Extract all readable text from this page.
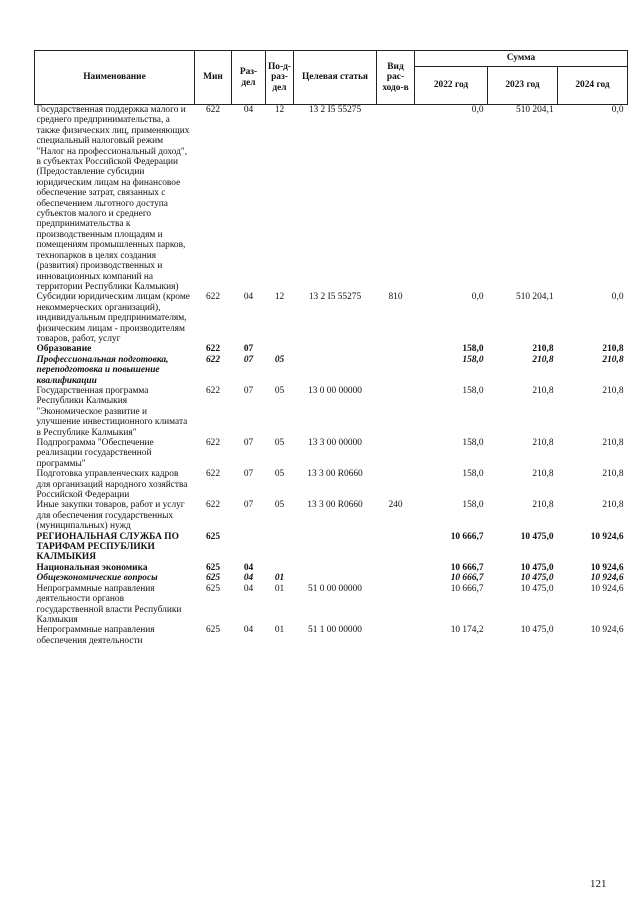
Наименование	Мин	Раз-дел	По-д-раз-дел	Целевая статья	Вид рас-ходо-в	Сумма		
						2022 год	2023 год	2024 год
Государственная поддержка малого и среднего предпринимательства, а также физических лиц, применяющих специальный налоговый режим "Налог на профессиональный доход", в субъектах Российской Федерации (Предоставление субсидии юридическим лицам на финансовое обеспечение затрат, связанных с обеспечением льготного доступа субъектов малого и среднего предпринимательства к производственным площадям и помещениям промышленных парков, технопарков в целях создания (развития) производственных и инновационных компаний на территории Республики Калмыкия)	622	04	12	13 2 I5 55275		0,0	510 204,1	0,0
Субсидии юридическим лицам (кроме некоммерческих организаций), индивидуальным предпринимателям, физическим лицам - производителям товаров, работ, услуг	622	04	12	13 2 I5 55275	810	0,0	510 204,1	0,0
Образование	622	07				158,0	210,8	210,8
Профессиональная подготовка, переподготовка и повышение квалификации	622	07	05			158,0	210,8	210,8
Государственная программа Республики Калмыкия "Экономическое развитие и улучшение инвестиционного климата в Республике Калмыкия"	622	07	05	13 0 00 00000		158,0	210,8	210,8
Подпрограмма "Обеспечение реализации государственной программы"	622	07	05	13 3 00 00000		158,0	210,8	210,8
Подготовка управленческих кадров для организаций народного хозяйства Российской Федерации	622	07	05	13 3 00 R0660		158,0	210,8	210,8
Иные закупки товаров, работ и услуг для обеспечения государственных (муниципальных) нужд	622	07	05	13 3 00 R0660	240	158,0	210,8	210,8
РЕГИОНАЛЬНАЯ СЛУЖБА ПО ТАРИФАМ РЕСПУБЛИКИ КАЛМЫКИЯ	625					10 666,7	10 475,0	10 924,6
Национальная экономика	625	04				10 666,7	10 475,0	10 924,6
Общеэкономические вопросы	625	04	01			10 666,7	10 475,0	10 924,6
Непрограммные направления деятельности органов государственной власти Республики Калмыкия	625	04	01	51 0 00 00000		10 666,7	10 475,0	10 924,6
Непрограммные направления обеспечения деятельности	625	04	01	51 1 00 00000		10 174,2	10 475,0	10 924,6
121
